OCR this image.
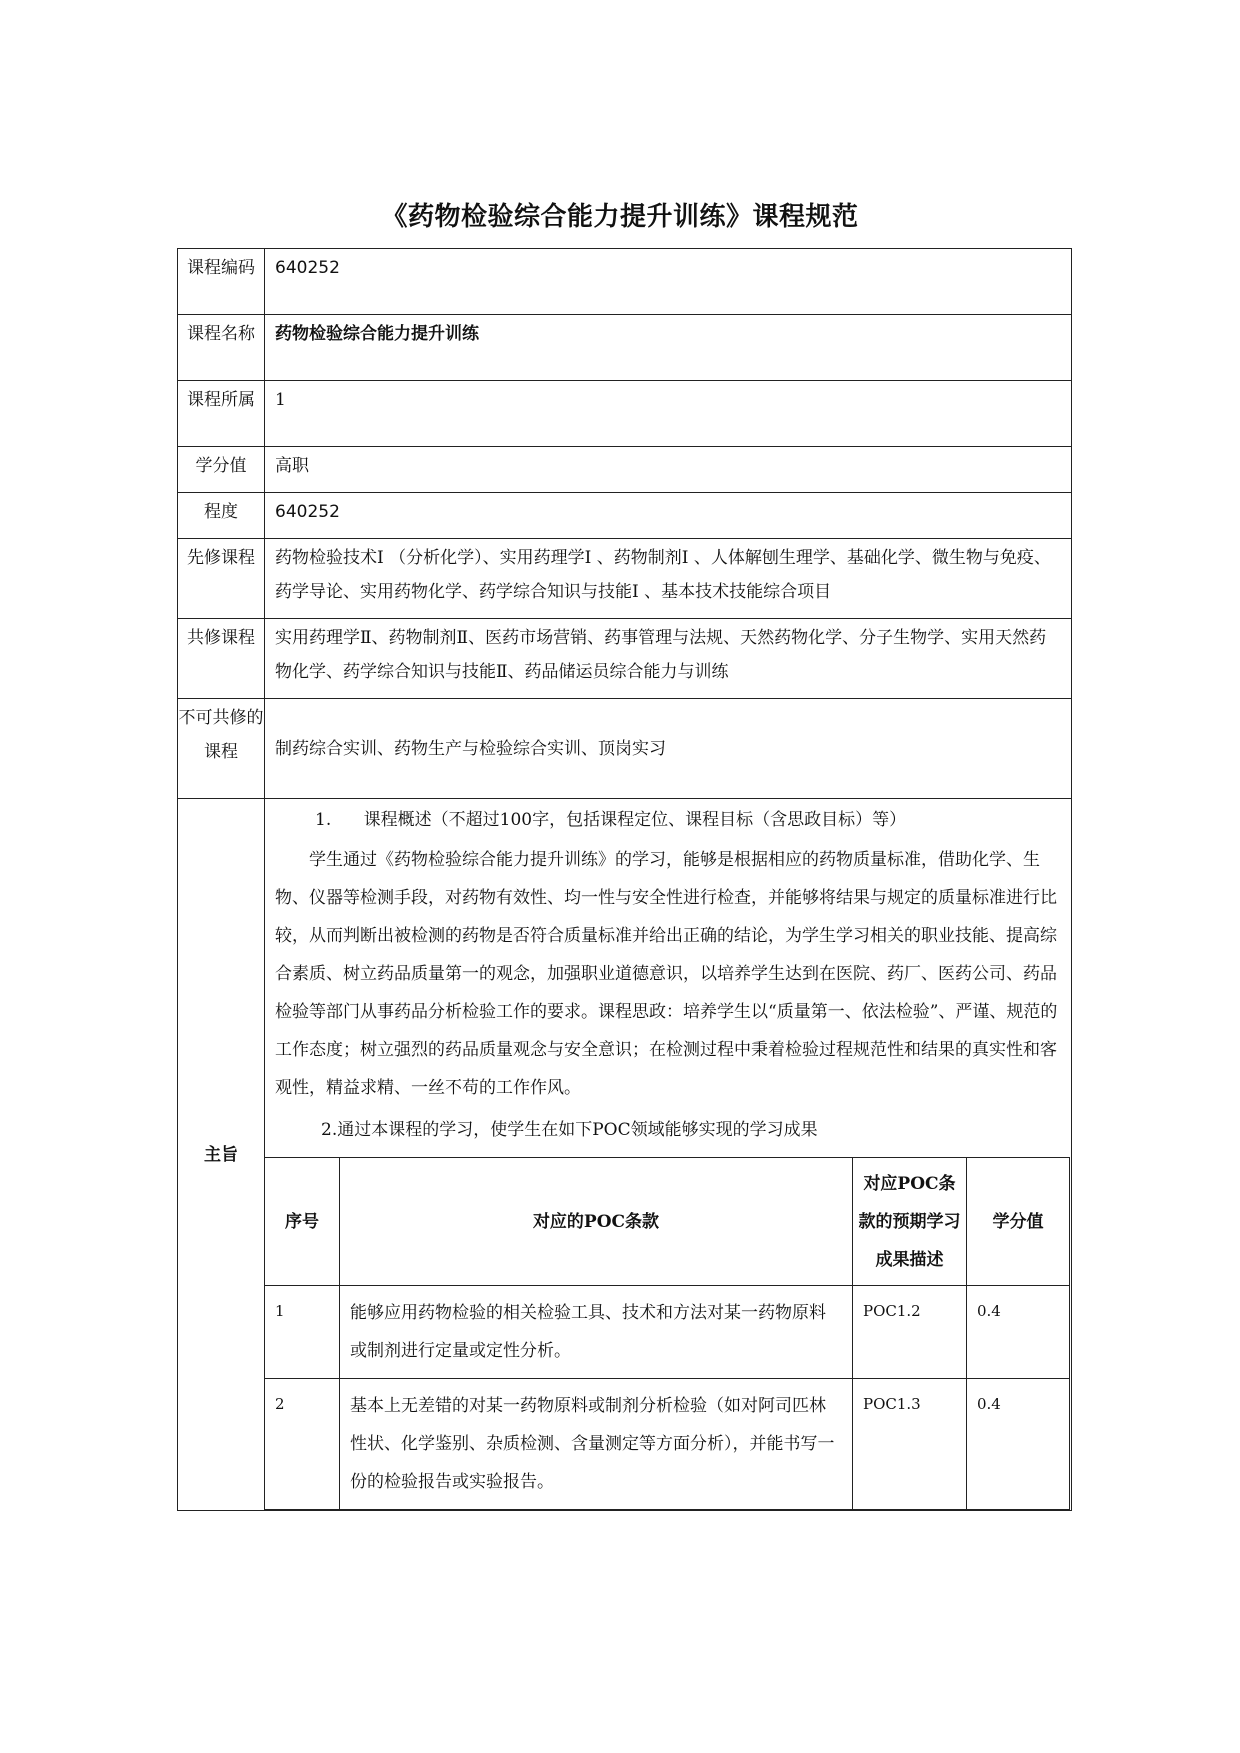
《药物检验综合能力提升训练》课程规范
课程编码	640252
课程名称	药物检验综合能力提升训练
课程所属	1
学分值	高职
程度	640252
先修课程	药物检验技术Ⅰ （分析化学）、实用药理学Ⅰ 、药物制剂Ⅰ 、人体解刨生理学、基础化学、微生物与免疫、药学导论、实用药物化学、药学综合知识与技能Ⅰ 、基本技术技能综合项目
共修课程	实用药理学Ⅱ、药物制剂Ⅱ、医药市场营销、药事管理与法规、天然药物化学、分子生物学、实用天然药物化学、药学综合知识与技能Ⅱ、药品储运员综合能力与训练
不可共修的课程	制药综合实训、药物生产与检验综合实训、顶岗实习
主旨	
1.      课程概述（不超过100字，包括课程定位、课程目标（含思政目标）等）

学生通过《药物检验综合能力提升训练》的学习，能够是根据相应的药物质量标准，借助化学、生物、仪器等检测手段，对药物有效性、均一性与安全性进行检查，并能够将结果与规定的质量标准进行比较，从而判断出被检测的药物是否符合质量标准并给出正确的结论，为学生学习相关的职业技能、提高综合素质、树立药品质量第一的观念，加强职业道德意识，以培养学生达到在医院、药厂、医药公司、药品检验等部门从事药品分析检验工作的要求。课程思政：培养学生以“质量第一、依法检验”、严谨、规范的工作态度；树立强烈的药品质量观念与安全意识；在检测过程中秉着检验过程规范性和结果的真实性和客观性，精益求精、一丝不苟的工作作风。

2.通过本课程的学习，使学生在如下POC领域能够实现的学习成果
序号	对应的POC条款	对应POC条款的预期学习成果描述	学分值
1	能够应用药物检验的相关检验工具、技术和方法对某一药物原料或制剂进行定量或定性分析。	POC1.2	0.4
2	基本上无差错的对某一药物原料或制剂分析检验（如对阿司匹林性状、化学鉴别、杂质检测、含量测定等方面分析），并能书写一份的检验报告或实验报告。	POC1.3	0.4
